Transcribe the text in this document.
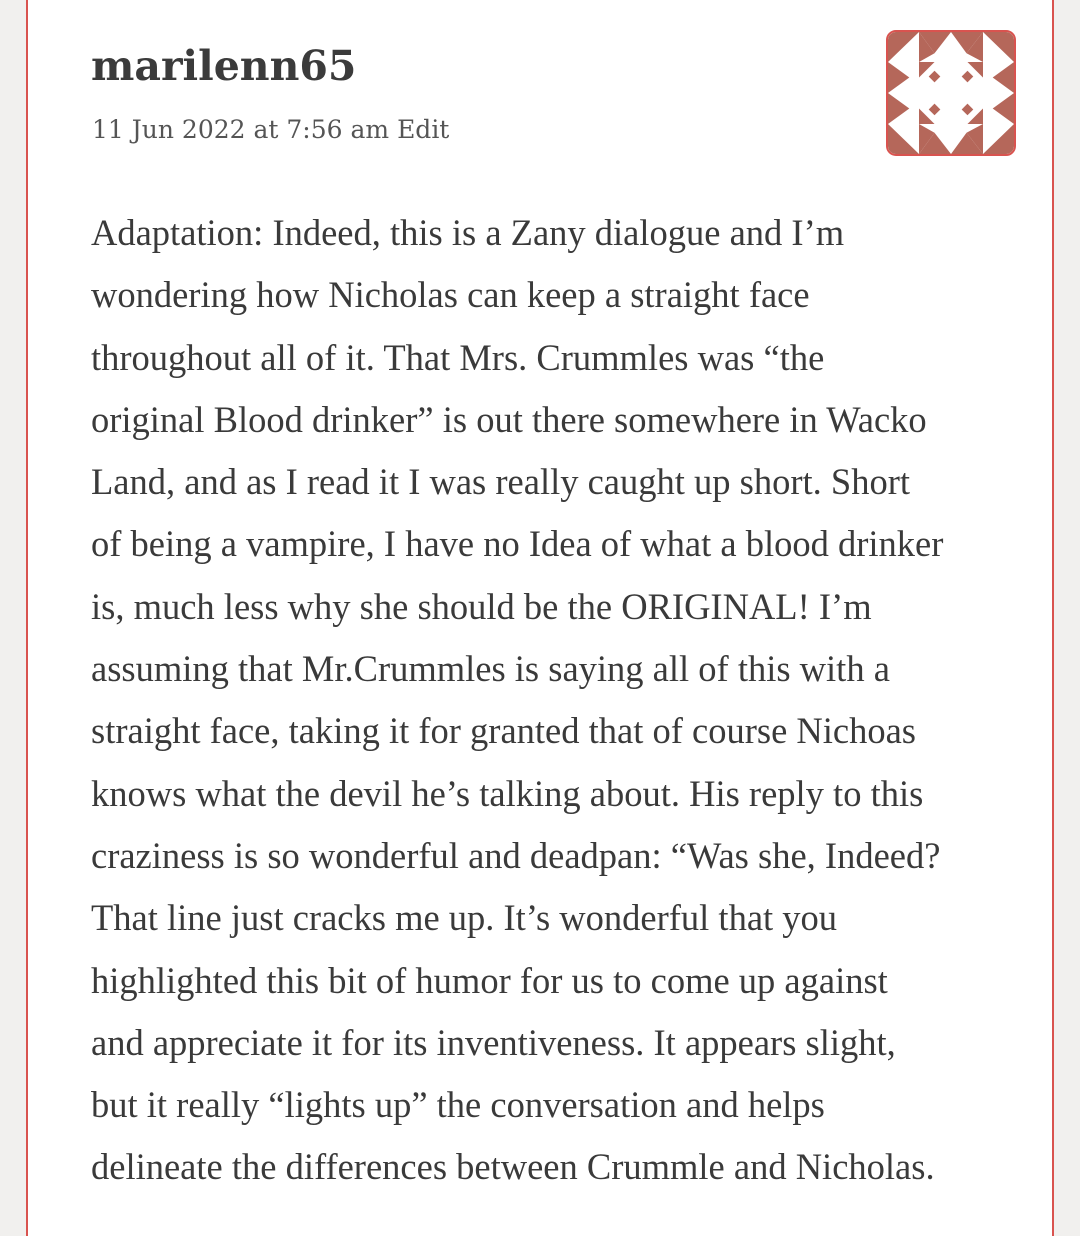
marilenn65
11 Jun 2022 at 7:56 am Edit

Adaptation: Indeed, this is a Zany dialogue and I’m
wondering how Nicholas can keep a straight face
throughout all of it. That Mrs. Crummles was “the
original Blood drinker” is out there somewhere in Wacko
Land, and as I read it I was really caught up short. Short
of being a vampire, I have no Idea of what a blood drinker
is, much less why she should be the ORIGINAL! I’m
assuming that Mr.Crummles is saying all of this with a
straight face, taking it for granted that of course Nichoas
knows what the devil he’s talking about. His reply to this
craziness is so wonderful and deadpan: “Was she, Indeed?
That line just cracks me up. It’s wonderful that you
highlighted this bit of humor for us to come up against
and appreciate it for its inventiveness. It appears slight,
but it really “lights up” the conversation and helps
delineate the differences between Crummle and Nicholas.
